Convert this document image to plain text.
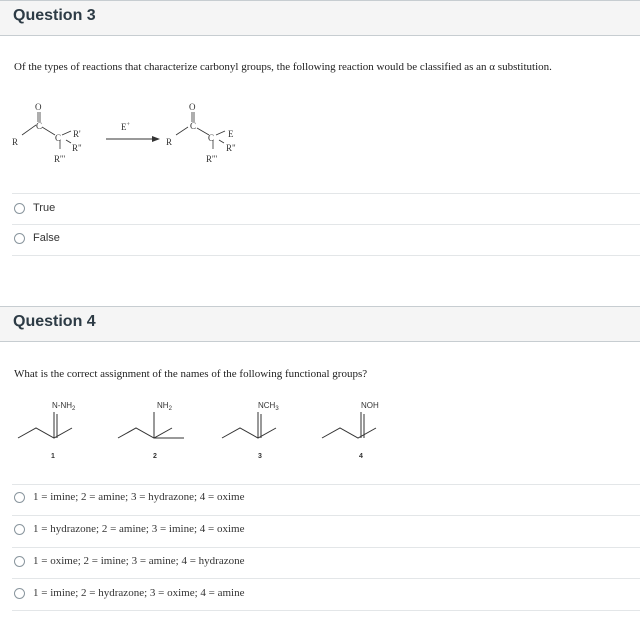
Question 3
Of the types of reactions that characterize carbonyl groups, the following reaction would be classified as an α substitution.
O
C
R	C R'
R"
R'"
E+
O
C
R	C E
R"
R'"
True
False
Question 4
What is the correct assignment of the names of the following functional groups?
$N-NH_2$
1
$NH_2$
2
$NCH_3$
3
NOH
4
1 = imine; 2 = amine; 3 = hydrazone; 4 = oxime
1 = hydrazone; 2 = amine; 3 = imine; 4 = oxime
1 = oxime; 2 = imine; 3 = amine; 4 = hydrazone
1 = imine; 2 = hydrazone; 3 = oxime; 4 = amine
